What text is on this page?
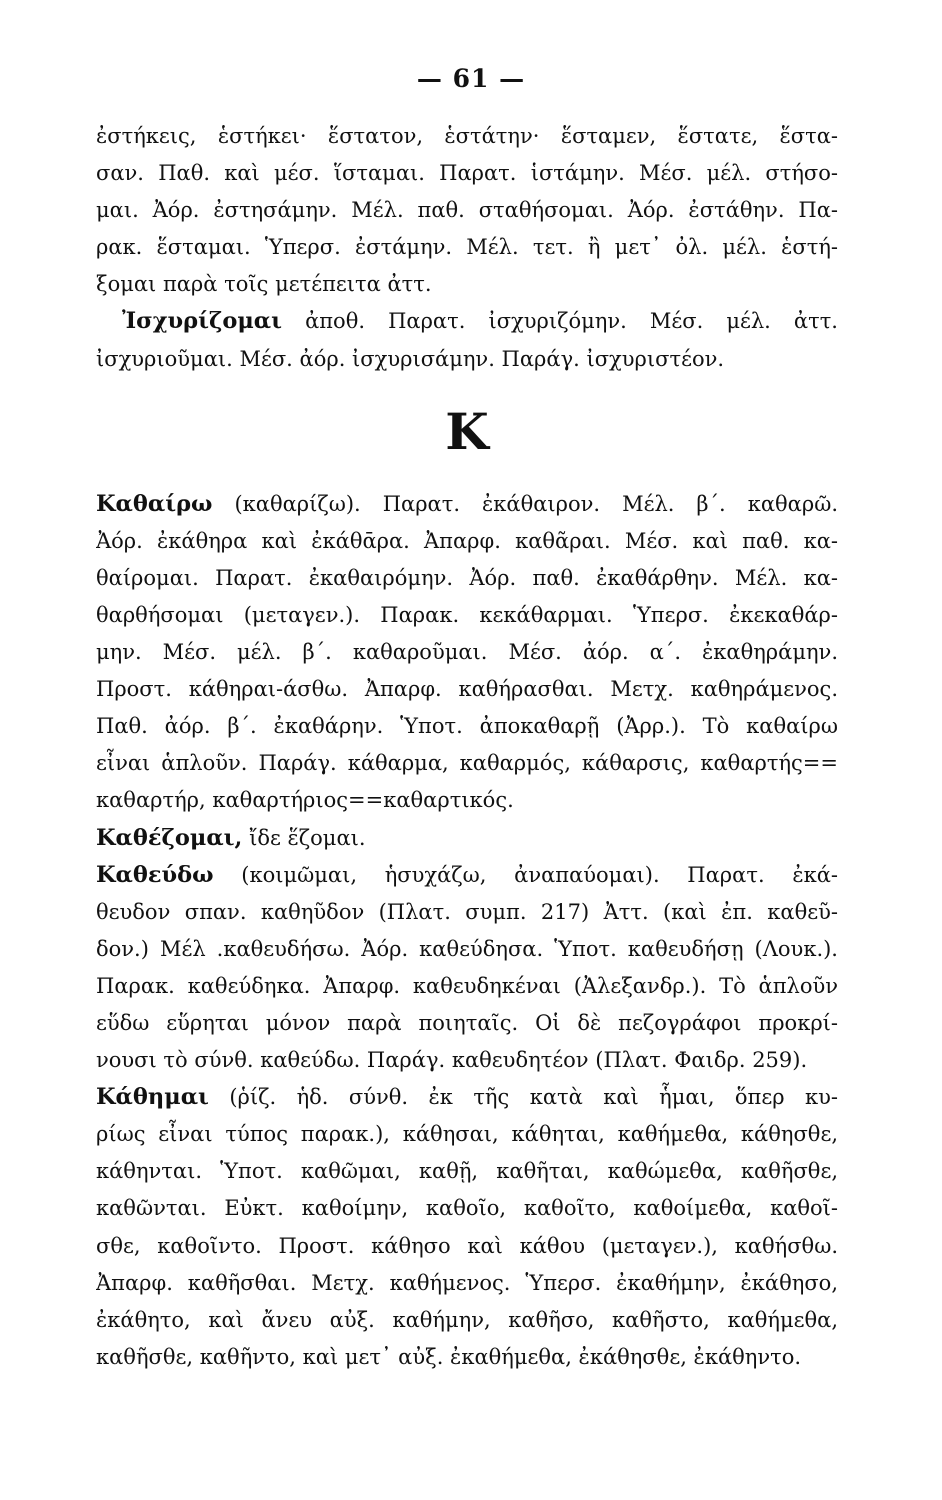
— 61 —
ἐστήκεις, ἑστήκει· ἕστατον, ἑστάτην· ἕσταμεν, ἕστατε, ἕστα-
σαν. Παθ. καὶ μέσ. ἵσταμαι. Παρατ. ἱστάμην. Μέσ. μέλ. στήσο-
μαι. Ἀόρ. ἐστησάμην. Μέλ. παθ. σταθήσομαι. Ἀόρ. ἐστάθην. Πα-
ρακ. ἕσταμαι. Ὑπερσ. ἐστάμην. Μέλ. τετ. ἢ μετ᾽ ὀλ. μέλ. ἑστή-
ξομαι παρὰ τοῖς μετέπειτα ἀττ.
Ἰσχυρίζομαι ἀποθ. Παρατ. ἰσχυριζόμην. Μέσ. μέλ. ἀττ.
ἰσχυριοῦμαι. Μέσ. ἀόρ. ἰσχυρισάμην. Παράγ. ἰσχυριστέον.
K
Καθαίρω (καθαρίζω). Παρατ. ἐκάθαιρον. Μέλ. β΄. καθαρῶ.
Ἀόρ. ἐκάθηρα καὶ ἐκάθᾱρα. Ἀπαρφ. καθᾶραι. Μέσ. καὶ παθ. κα-
θαίρομαι. Παρατ. ἐκαθαιρόμην. Ἀόρ. παθ. ἐκαθάρθην. Μέλ. κα-
θαρθήσομαι (μεταγεν.). Παρακ. κεκάθαρμαι. Ὑπερσ. ἐκεκαθάρ-
μην. Μέσ. μέλ. β΄. καθαροῦμαι. Μέσ. ἀόρ. α΄. ἐκαθηράμην.
Προστ. κάθηραι-άσθω. Ἀπαρφ. καθήρασθαι. Μετχ. καθηράμενος.
Παθ. ἀόρ. β΄. ἐκαθάρην. Ὑποτ. ἀποκαθαρῇ (Ἀρρ.). Τὸ καθαίρω
εἶναι ἁπλοῦν. Παράγ. κάθαρμα, καθαρμός, κάθαρσις, καθαρτής==
καθαρτήρ, καθαρτήριος==καθαρτικός.
Καθέζομαι, ἴδε ἕζομαι.
Καθεύδω (κοιμῶμαι, ἡσυχάζω, ἀναπαύομαι). Παρατ. ἐκά-
θευδον σπαν. καθηῦδον (Πλατ. συμπ. 217) Ἀττ. (καὶ ἐπ. καθεῦ-
δον.) Μέλ .καθευδήσω. Ἀόρ. καθεύδησα. Ὑποτ. καθευδήσῃ (Λουκ.).
Παρακ. καθεύδηκα. Ἀπαρφ. καθευδηκέναι (Ἀλεξανδρ.). Τὸ ἁπλοῦν
εὕδω εὕρηται μόνον παρὰ ποιηταῖς. Οἱ δὲ πεζογράφοι προκρί-
νουσι τὸ σύνθ. καθεύδω. Παράγ. καθευδητέον (Πλατ. Φαιδρ. 259).
Κάθημαι (ῥίζ. ἡδ. σύνθ. ἐκ τῆς κατὰ καὶ ἧμαι, ὅπερ κυ-
ρίως εἶναι τύπος παρακ.), κάθησαι, κάθηται, καθήμεθα, κάθησθε,
κάθηνται. Ὑποτ. καθῶμαι, καθῇ, καθῆται, καθώμεθα, καθῆσθε,
καθῶνται. Εὐκτ. καθοίμην, καθοῖο, καθοῖτο, καθοίμεθα, καθοῖ-
σθε, καθοῖντο. Προστ. κάθησο καὶ κάθου (μεταγεν.), καθήσθω.
Ἀπαρφ. καθῆσθαι. Μετχ. καθήμενος. Ὑπερσ. ἐκαθήμην, ἐκάθησο,
ἐκάθητο, καὶ ἄνευ αὐξ. καθήμην, καθῆσο, καθῆστο, καθήμεθα,
καθῆσθε, καθῆντο, καὶ μετ᾽ αὐξ. ἐκαθήμεθα, ἐκάθησθε, ἐκάθηντο.
